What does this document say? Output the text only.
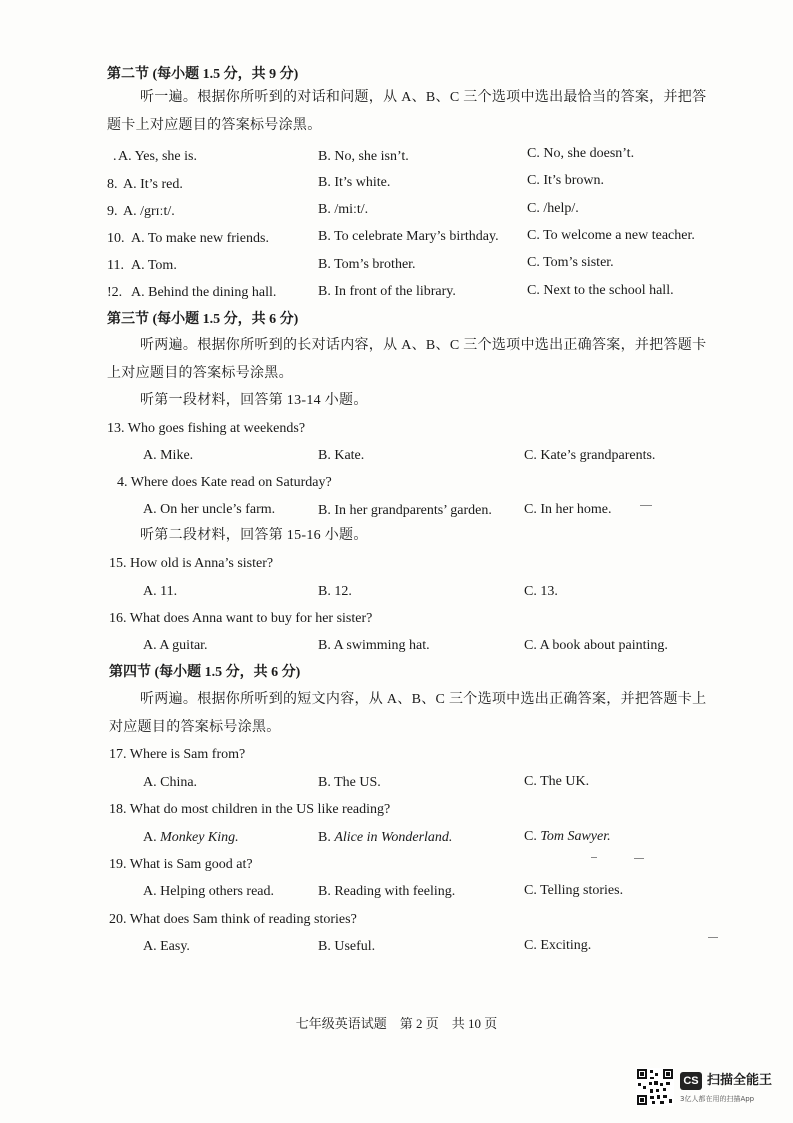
第二节 (每小题 1.5 分，共 9 分)
听一遍。根据你所听到的对话和问题，从 A、B、C 三个选项中选出最恰当的答案，并把答
题卡上对应题目的答案标号涂黑。
. A. Yes, she is.	B. No, she isn’t.	C. No, she doesn’t.
8. A. It’s red.	B. It’s white.	C. It’s brown.
9. A. /grɪːt/.	B. /miːt/.	C. /help/.
10. A. To make new friends.	B. To celebrate Mary’s birthday. C. To welcome a new teacher.
11. A. Tom.	B. Tom’s brother.	C. Tom’s sister.
!2. A. Behind the dining hall.	B. In front of the library.	C. Next to the school hall.
第三节 (每小题 1.5 分，共 6 分)
听两遍。根据你所听到的长对话内容，从 A、B、C 三个选项中选出正确答案，并把答题卡
上对应题目的答案标号涂黑。
听第一段材料，回答第 13-14 小题。
13. Who goes fishing at weekends?
A. Mike.	B. Kate.	C. Kate’s grandparents.
4. Where does Kate read on Saturday?
A. On her uncle’s farm.	B. In her grandparents’ garden. C. In her home.
听第二段材料，回答第 15-16 小题。
15. How old is Anna’s sister?
A. 11.	B. 12.	C. 13.
16. What does Anna want to buy for her sister?
A. A guitar.	B. A swimming hat.	C. A book about painting.
第四节 (每小题 1.5 分，共 6 分)
听两遍。根据你所听到的短文内容，从 A、B、C 三个选项中选出正确答案，并把答题卡上
对应题目的答案标号涂黑。
17. Where is Sam from?
A. China.	B. The US.	C. The UK.
18. What do most children in the US like reading?
A. Monkey King.	B. Alice in Wonderland.	C. Tom Sawyer.
19. What is Sam good at?
A. Helping others read.	B. Reading with feeling.	C. Telling stories.
20. What does Sam think of reading stories?
A. Easy.	B. Useful.	C. Exciting.
七年级英语试题　第 2 页　共 10 页
CS 扫描全能王
3亿人都在用的扫描App
